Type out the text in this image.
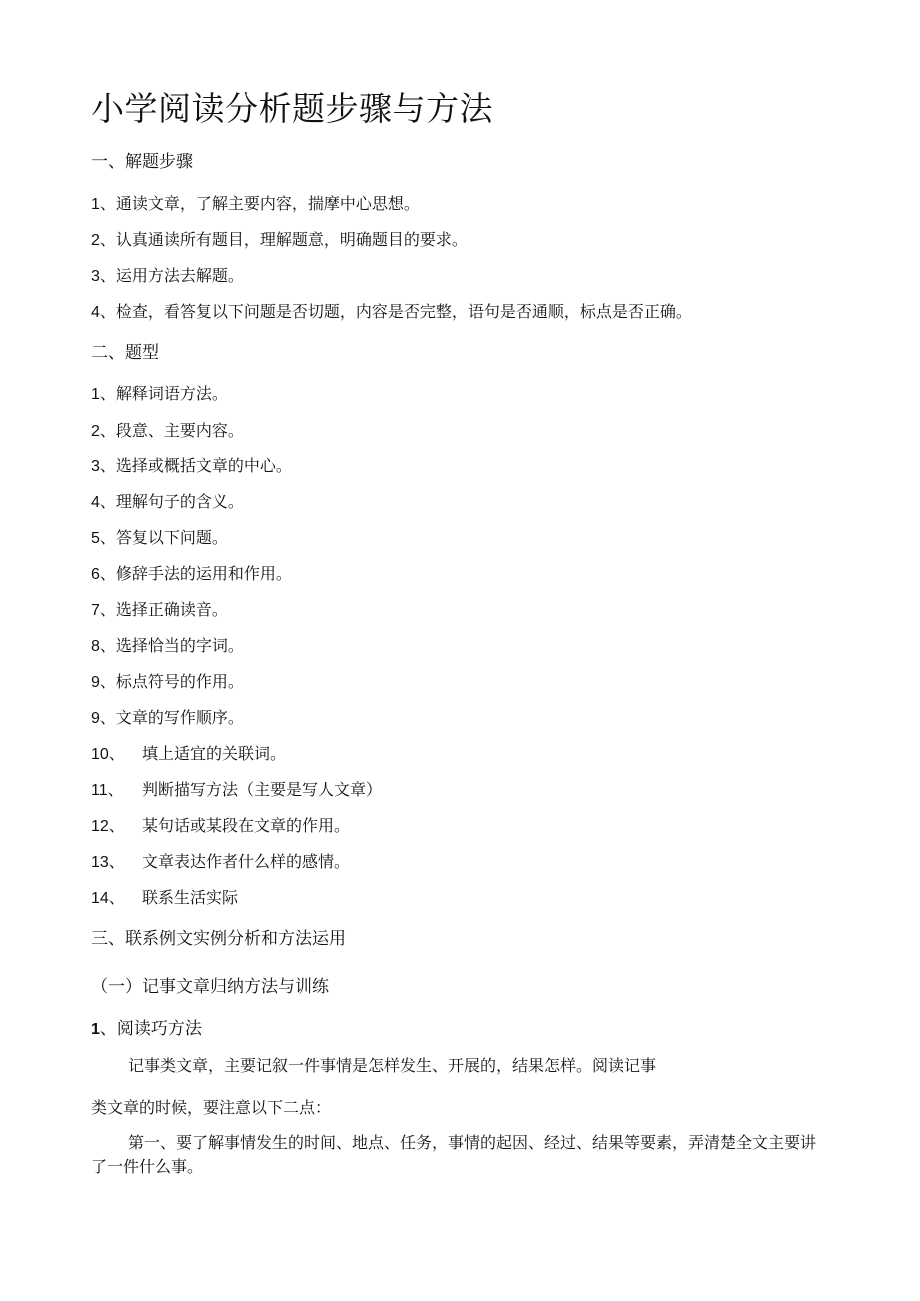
小学阅读分析题步骤与方法
一、解题步骤
1、通读文章，了解主要内容，揣摩中心思想。
2、认真通读所有题目，理解题意，明确题目的要求。
3、运用方法去解题。
4、检查，看答复以下问题是否切题，内容是否完整，语句是否通顺，标点是否正确。
二、题型
1、解释词语方法。
2、段意、主要内容。
3、选择或概括文章的中心。
4、理解句子的含义。
5、答复以下问题。
6、修辞手法的运用和作用。
7、选择正确读音。
8、选择恰当的字词。
9、标点符号的作用。
9、文章的写作顺序。
10、 填上适宜的关联词。
11、 判断描写方法（主要是写人文章）
12、 某句话或某段在文章的作用。
13、 文章表达作者什么样的感情。
14、 联系生活实际
三、联系例文实例分析和方法运用
（一）记事文章归纳方法与训练
1、阅读巧方法
记事类文章，主要记叙一件事情是怎样发生、开展的，结果怎样。阅读记事
类文章的时候，要注意以下二点：

第一、要了解事情发生的时间、地点、任务，事情的起因、经过、结果等要素，弄清楚全文主要讲了一件什么事。
